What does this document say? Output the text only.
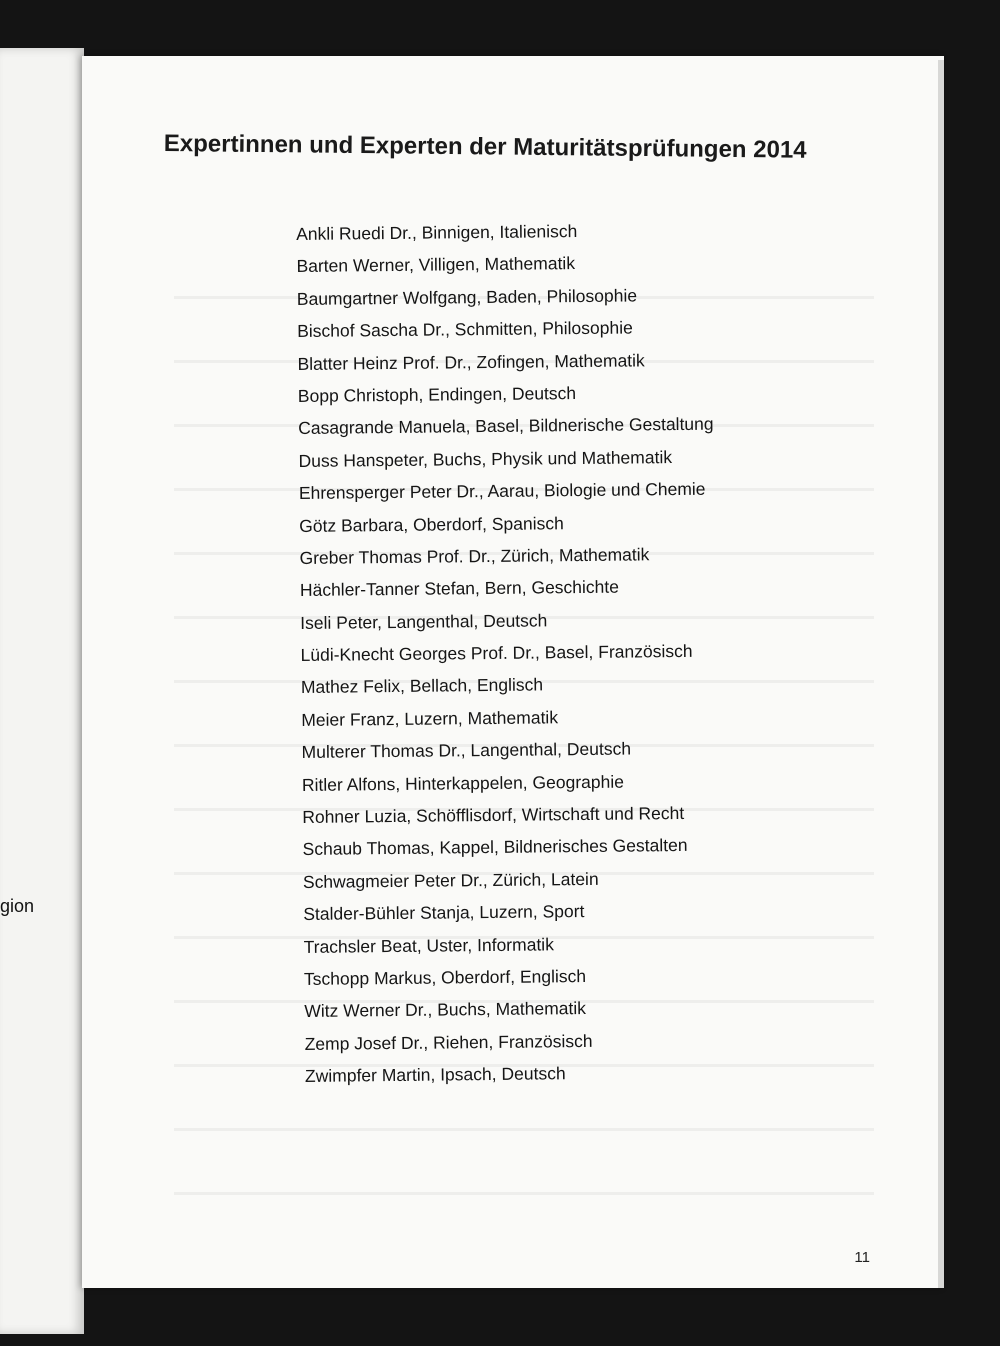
gion
Expertinnen und Experten der Maturitätsprüfungen 2014
Ankli Ruedi Dr., Binnigen, Italienisch
Barten Werner, Villigen, Mathematik
Baumgartner Wolfgang, Baden, Philosophie
Bischof Sascha Dr., Schmitten, Philosophie
Blatter Heinz Prof. Dr., Zofingen, Mathematik
Bopp Christoph, Endingen, Deutsch
Casagrande Manuela, Basel, Bildnerische Gestaltung
Duss Hanspeter, Buchs, Physik und Mathematik
Ehrensperger Peter Dr., Aarau, Biologie und Chemie
Götz Barbara, Oberdorf, Spanisch
Greber Thomas Prof. Dr., Zürich, Mathematik
Hächler-Tanner Stefan, Bern, Geschichte
Iseli Peter, Langenthal, Deutsch
Lüdi-Knecht Georges Prof. Dr., Basel, Französisch
Mathez Felix, Bellach, Englisch
Meier Franz, Luzern, Mathematik
Multerer Thomas Dr., Langenthal, Deutsch
Ritler Alfons, Hinterkappelen, Geographie
Rohner Luzia, Schöfflisdorf, Wirtschaft und Recht
Schaub Thomas, Kappel, Bildnerisches Gestalten
Schwagmeier Peter Dr., Zürich, Latein
Stalder-Bühler Stanja, Luzern, Sport
Trachsler Beat, Uster, Informatik
Tschopp Markus, Oberdorf, Englisch
Witz Werner Dr., Buchs, Mathematik
Zemp Josef Dr., Riehen, Französisch
Zwimpfer Martin, Ipsach, Deutsch
11
